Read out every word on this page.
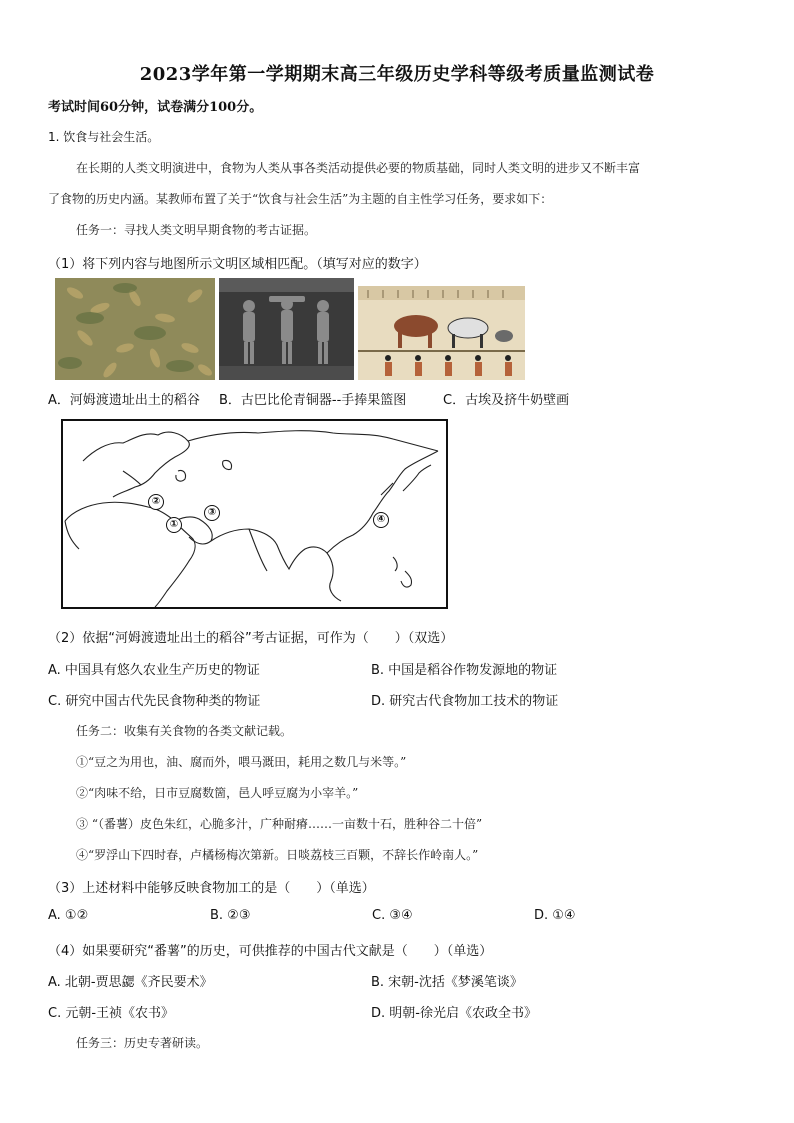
2023学年第一学期期末高三年级历史学科等级考质量监测试卷
考试时间60分钟，试卷满分100分。
1. 饮食与社会生活。
在长期的人类文明演进中，食物为人类从事各类活动提供必要的物质基础，同时人类文明的进步又不断丰富
了食物的历史内涵。某教师布置了关于“饮食与社会生活”为主题的自主性学习任务，要求如下：
任务一：寻找人类文明早期食物的考古证据。
（1）将下列内容与地图所示文明区域相匹配。（填写对应的数字）
A．河姆渡遗址出土的稻谷 B．古巴比伦青铜器--手捧果篮图	C．古埃及挤牛奶壁画
②
③
①	④
（2）依据“河姆渡遗址出土的稻谷”考古证据，可作为（　　）（双选）
A. 中国具有悠久农业生产历史的物证	B. 中国是稻谷作物发源地的物证
C. 研究中国古代先民食物种类的物证	D. 研究古代食物加工技术的物证
任务二：收集有关食物的各类文献记载。
①“豆之为用也，油、腐而外，喂马溉田，耗用之数几与米等。”
②“肉味不给，日市豆腐数箇，邑人呼豆腐为小宰羊。”
③ “（番薯）皮色朱红，心脆多汁，广种耐瘠……一亩数十石，胜种谷二十倍”
④“罗浮山下四时春，卢橘杨梅次第新。日啖荔枝三百颗，不辞长作岭南人。”
（3）上述材料中能够反映食物加工的是（　　）（单选）
A. ①②	B. ②③	C. ③④	D. ①④
（4）如果要研究“番薯”的历史，可供推荐的中国古代文献是（　　）（单选）
A. 北朝-贾思勰《齐民要术》	B. 宋朝-沈括《梦溪笔谈》
C. 元朝-王祯《农书》	D. 明朝-徐光启《农政全书》
任务三：历史专著研读。
